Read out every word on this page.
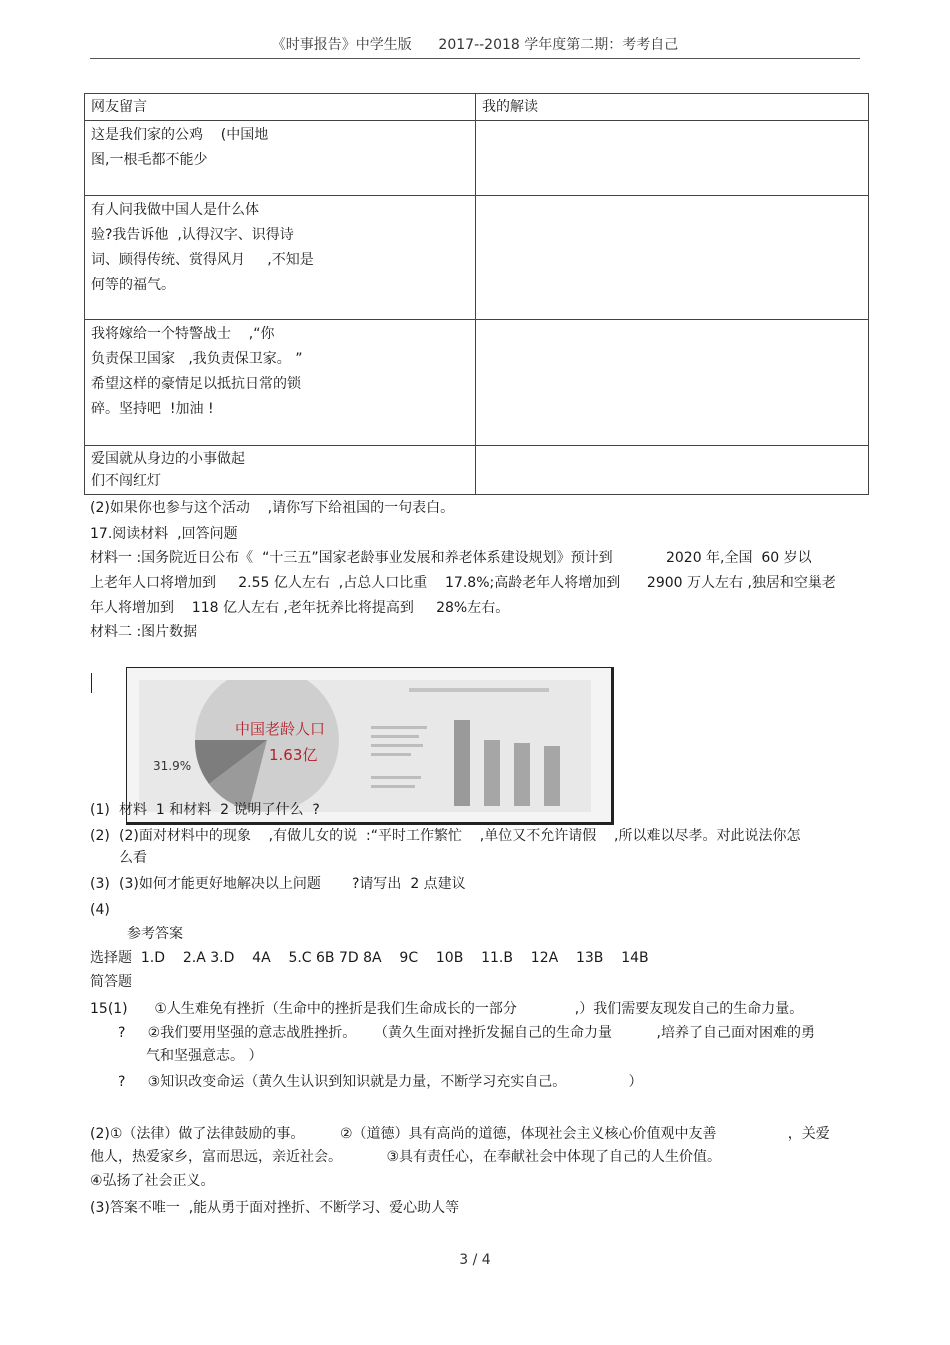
《时事报告》中学生版      2017--2018 学年度第二期：考考自己
网友留言	我的解读

这是我们家的公鸡    (中国地
图,一根毛都不能少	

有人问我做中国人是什么体
验?我告诉他  ,认得汉字、识得诗
词、顾得传统、赏得风月     ,不知是
何等的福气。	

我将嫁给一个特警战士    ,“你
负责保卫国家   ,我负责保卫家。 ”
希望这样的豪情足以抵抗日常的锁
碎。坚持吧  !加油 !	

爱国就从身边的小事做起
们不闯红灯	

(2)如果你也参与这个活动    ,请你写下给祖国的一句表白。
17.阅读材料  ,回答问题
材料一 :国务院近日公布《  “十三五”国家老龄事业发展和养老体系建设规划》预计到            2020 年,全国  60 岁以
上老年人口将增加到     2.55 亿人左右  ,占总人口比重    17.8%;高龄老年人将增加到      2900 万人左右 ,独居和空巢老
年人将增加到    118 亿人左右 ,老年抚养比将提高到     28%左右。
材料二 :图片数据
中国老龄人口
1.63亿
31.9%
(1) 材料  1 和材料  2 说明了什么  ?
(2) (2)面对材料中的现象    ,有做儿女的说  :“平时工作繁忙    ,单位又不允许请假    ,所以难以尽孝。对此说法你怎
么看
(3) (3)如何才能更好地解决以上问题       ?请写出  2 点建议
(4)
参考答案
选择题  1.D    2.A 3.D    4A    5.C 6B 7D 8A    9C    10B    11.B    12A    13B    14B
简答题
15(1)      ①人生难免有挫折（生命中的挫折是我们生命成长的一部分             ,）我们需要友现发自己的生命力量。
?     ②我们要用坚强的意志战胜挫折。    （黄久生面对挫折发掘自己的生命力量          ,培养了自己面对困难的勇
气和坚强意志。 ）
?     ③知识改变命运（黄久生认识到知识就是力量，不断学习充实自己。              ）
(2)①（法律）做了法律鼓励的事。        ②（道德）具有高尚的道德，体现社会主义核心价值观中友善                ，关爱
他人，热爱家乡，富而思远，亲近社会。          ③具有责任心，在奉献社会中体现了自己的人生价值。
④弘扬了社会正义。
(3)答案不唯一  ,能从勇于面对挫折、不断学习、爱心助人等
3 / 4
